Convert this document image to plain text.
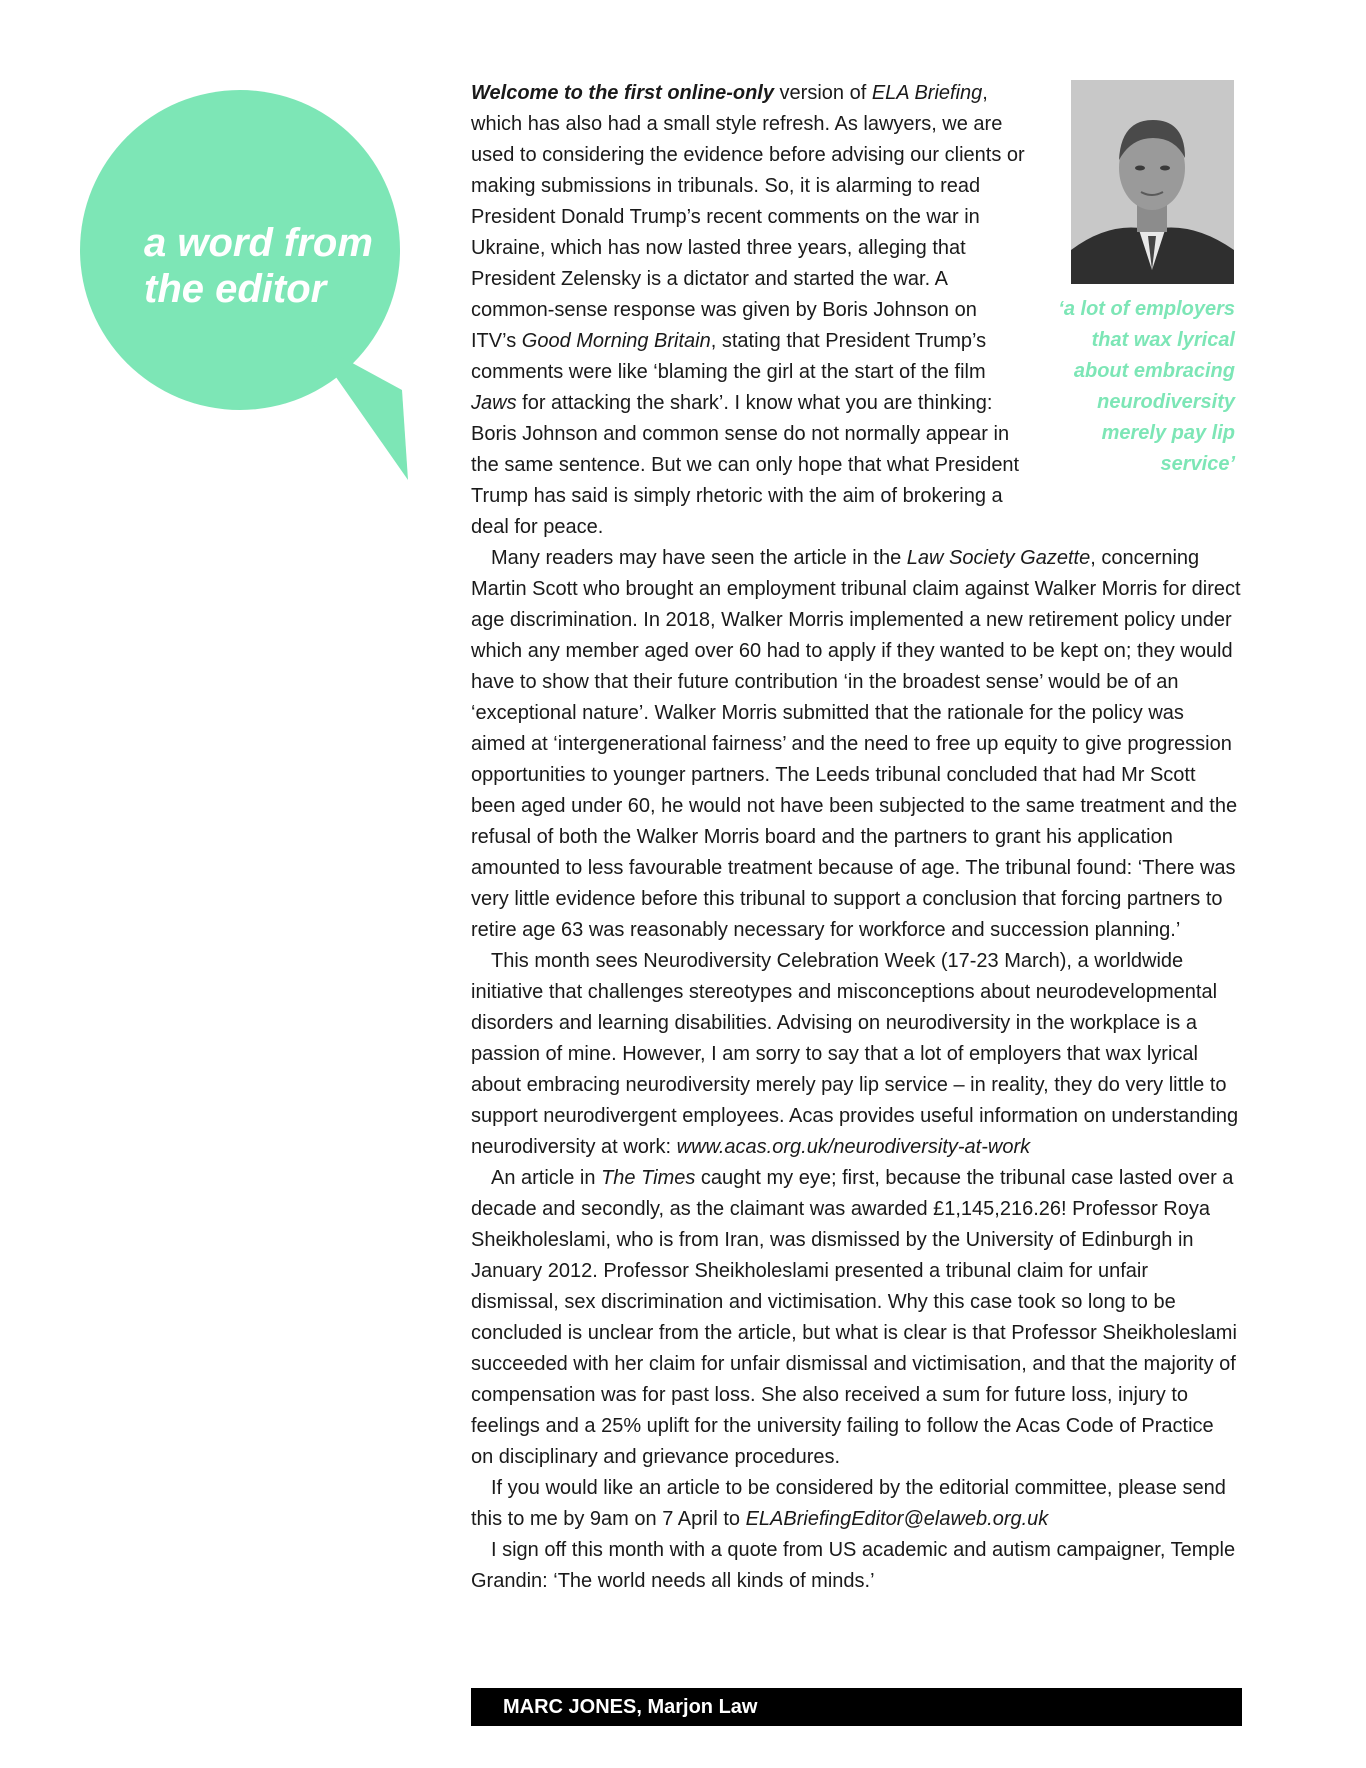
a word from the editor	‘a lot of employers that wax lyrical about embracing neurodiversity merely pay lip service’

Welcome to the first online-only version of ELA Briefing, which has also had a small style refresh. As lawyers, we are used to considering the evidence before advising our clients or making submissions in tribunals. So, it is alarming to read President Donald Trump’s recent comments on the war in Ukraine, which has now lasted three years, alleging that President Zelensky is a dictator and started the war. A common-sense response was given by Boris Johnson on ITV’s Good Morning Britain, stating that President Trump’s comments were like ‘blaming the girl at the start of the film Jaws for attacking the shark’. I know what you are thinking: Boris Johnson and common sense do not normally appear in the same sentence. But we can only hope that what President Trump has said is simply rhetoric with the aim of brokering a deal for peace.

Many readers may have seen the article in the Law Society Gazette, concerning Martin Scott who brought an employment tribunal claim against Walker Morris for direct age discrimination. In 2018, Walker Morris implemented a new retirement policy under which any member aged over 60 had to apply if they wanted to be kept on; they would have to show that their future contribution ‘in the broadest sense’ would be of an ‘exceptional nature’. Walker Morris submitted that the rationale for the policy was aimed at ‘intergenerational fairness’ and the need to free up equity to give progression opportunities to younger partners. The Leeds tribunal concluded that had Mr Scott been aged under 60, he would not have been subjected to the same treatment and the refusal of both the Walker Morris board and the partners to grant his application amounted to less favourable treatment because of age. The tribunal found: ‘There was very little evidence before this tribunal to support a conclusion that forcing partners to retire age 63 was reasonably necessary for workforce and succession planning.’

This month sees Neurodiversity Celebration Week (17-23 March), a worldwide initiative that challenges stereotypes and misconceptions about neurodevelopmental disorders and learning disabilities. Advising on neurodiversity in the workplace is a passion of mine. However, I am sorry to say that a lot of employers that wax lyrical about embracing neurodiversity merely pay lip service – in reality, they do very little to support neurodivergent employees. Acas provides useful information on understanding neurodiversity at work: www.acas.org.uk/neurodiversity-at-work

An article in The Times caught my eye; first, because the tribunal case lasted over a decade and secondly, as the claimant was awarded £1,145,216.26! Professor Roya Sheikholeslami, who is from Iran, was dismissed by the University of Edinburgh in January 2012. Professor Sheikholeslami presented a tribunal claim for unfair dismissal, sex discrimination and victimisation. Why this case took so long to be concluded is unclear from the article, but what is clear is that Professor Sheikholeslami succeeded with her claim for unfair dismissal and victimisation, and that the majority of compensation was for past loss. She also received a sum for future loss, injury to feelings and a 25% uplift for the university failing to follow the Acas Code of Practice on disciplinary and grievance procedures.

If you would like an article to be considered by the editorial committee, please send this to me by 9am on 7 April to ELABriefingEditor@elaweb.org.uk

I sign off this month with a quote from US academic and autism campaigner, Temple Grandin: ‘The world needs all kinds of minds.’

MARC JONES, Marjon Law
